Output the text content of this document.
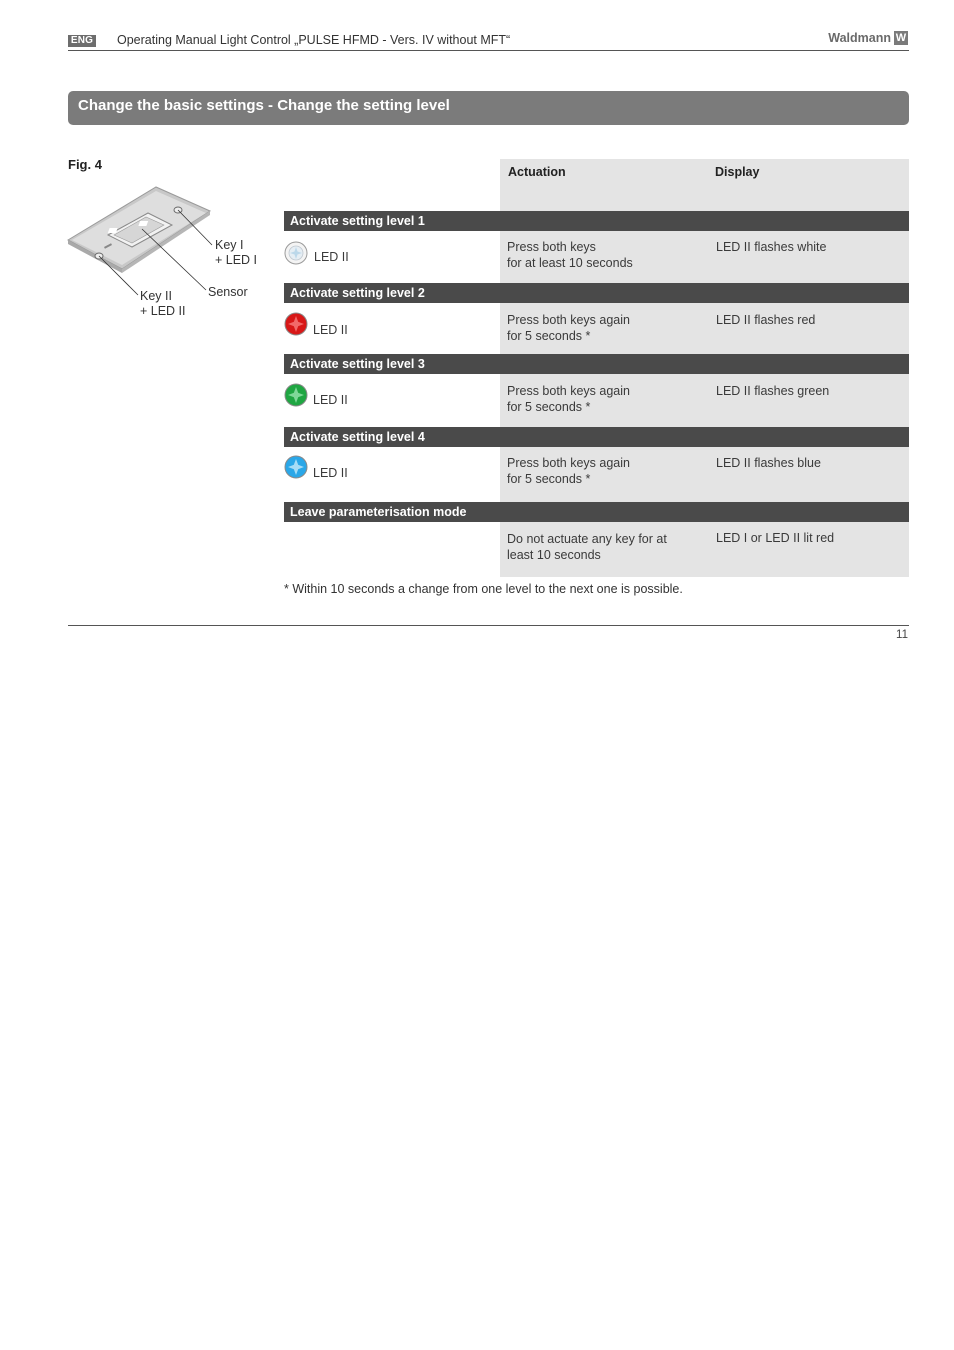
ENG Operating Manual Light Control „PULSE HFMD - Vers. IV without MFT“	Waldmann W
Change the basic settings - Change the setting level
Fig. 4
Key I
+ LED I
Sensor
Key II
+ LED II
Actuation	Display
Activate setting level 1
LED II
Press both keys
for at least 10 seconds
LED II flashes white
Activate setting level 2
LED II
Press both keys again
for 5 seconds *
LED II flashes red
Activate setting level 3
LED II
Press both keys again
for 5 seconds *
LED II flashes green
Activate setting level 4
LED II
Press both keys again
for 5 seconds *
LED II flashes blue
Leave parameterisation mode
Do not actuate any key for at
least 10 seconds
LED I or LED II lit red
* Within 10 seconds a change from one level to the next one is possible.
11
